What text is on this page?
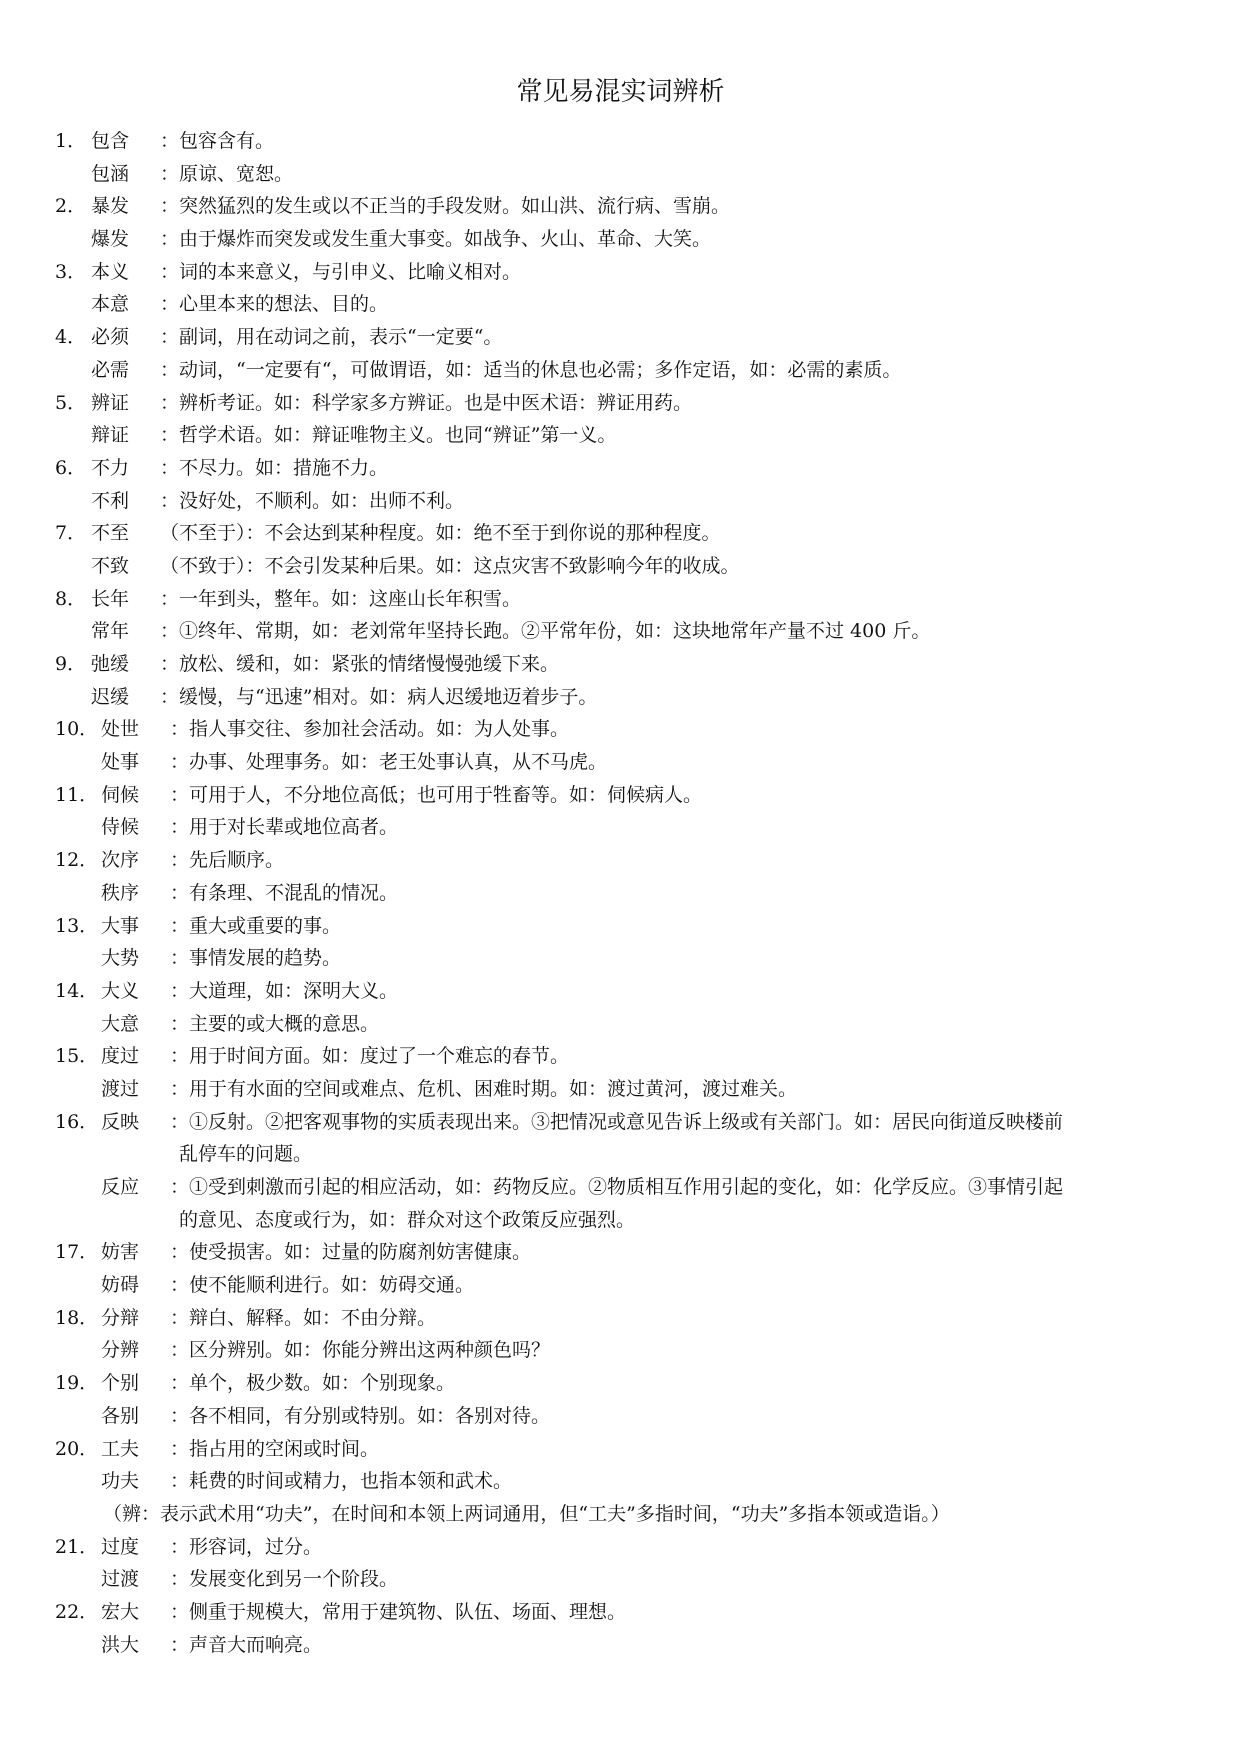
常见易混实词辨析
1． 包含 ：包容含有。
包涵 ：原谅、宽恕。
2． 暴发 ：突然猛烈的发生或以不正当的手段发财。如山洪、流行病、雪崩。
爆发 ：由于爆炸而突发或发生重大事变。如战争、火山、革命、大笑。
3． 本义 ：词的本来意义，与引申义、比喻义相对。
本意 ：心里本来的想法、目的。
4． 必须 ：副词，用在动词之前，表示“一定要“。
必需 ：动词，“一定要有“，可做谓语，如：适当的休息也必需；多作定语，如：必需的素质。
5． 辨证 ：辨析考证。如：科学家多方辨证。也是中医术语：辨证用药。
辩证 ：哲学术语。如：辩证唯物主义。也同“辨证”第一义。
6． 不力 ：不尽力。如：措施不力。
不利 ：没好处，不顺利。如：出师不利。
7． 不至 （不至于）：不会达到某种程度。如：绝不至于到你说的那种程度。
不致 （不致于）：不会引发某种后果。如：这点灾害不致影响今年的收成。
8． 长年 ：一年到头，整年。如：这座山长年积雪。
常年 ：①终年、常期，如：老刘常年坚持长跑。②平常年份，如：这块地常年产量不过 400 斤。
9． 弛缓 ：放松、缓和，如：紧张的情绪慢慢弛缓下来。
迟缓 ：缓慢，与“迅速”相对。如：病人迟缓地迈着步子。
10． 处世 ：指人事交往、参加社会活动。如：为人处事。
处事 ：办事、处理事务。如：老王处事认真，从不马虎。
11． 伺候 ：可用于人，不分地位高低；也可用于牲畜等。如：伺候病人。
侍候 ：用于对长辈或地位高者。
12． 次序 ：先后顺序。
秩序 ：有条理、不混乱的情况。
13． 大事 ：重大或重要的事。
大势 ：事情发展的趋势。
14． 大义 ：大道理，如：深明大义。
大意 ：主要的或大概的意思。
15． 度过 ：用于时间方面。如：度过了一个难忘的春节。
渡过 ：用于有水面的空间或难点、危机、困难时期。如：渡过黄河，渡过难关。
16． 反映 ：①反射。②把客观事物的实质表现出来。③把情况或意见告诉上级或有关部门。如：居民向街道反映楼前
乱停车的问题。
反应 ：①受到刺激而引起的相应活动，如：药物反应。②物质相互作用引起的变化，如：化学反应。③事情引起
的意见、态度或行为，如：群众对这个政策反应强烈。
17． 妨害 ：使受损害。如：过量的防腐剂妨害健康。
妨碍 ：使不能顺利进行。如：妨碍交通。
18． 分辩 ：辩白、解释。如：不由分辩。
分辨 ：区分辨别。如：你能分辨出这两种颜色吗？
19． 个别 ：单个，极少数。如：个别现象。
各别 ：各不相同，有分别或特别。如：各别对待。
20． 工夫 ：指占用的空闲或时间。
功夫 ：耗费的时间或精力，也指本领和武术。
（辨：表示武术用“功夫”，在时间和本领上两词通用，但“工夫”多指时间，“功夫”多指本领或造诣。）
21． 过度 ：形容词，过分。
过渡 ：发展变化到另一个阶段。
22． 宏大 ：侧重于规模大，常用于建筑物、队伍、场面、理想。
洪大 ：声音大而响亮。
